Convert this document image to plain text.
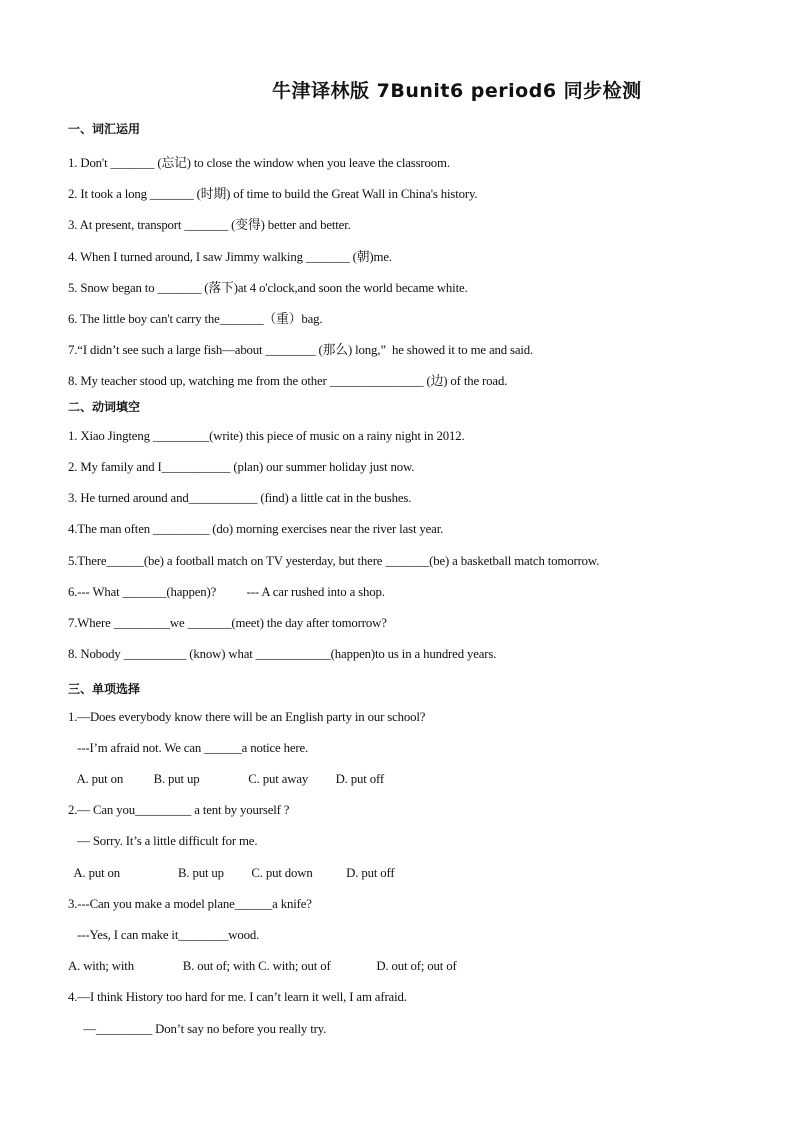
牛津译林版 7Bunit6 period6 同步检测
一、词汇运用
1. Don't _______ (忘记) to close the window when you leave the classroom.
2. It took a long _______ (时期) of time to build the Great Wall in China's history.
3. At present, transport _______ (变得) better and better.
4. When I turned around, I saw Jimmy walking _______ (朝)me.
5. Snow began to _______ (落下)at 4 o'clock,and soon the world became white.
6. The little boy can't carry the_______（重）bag.
7.“I didn’t see such a large fish—about ________ (那么) long,”  he showed it to me and said.
8. My teacher stood up, watching me from the other _______________ (边) of the road.
二、动词填空
1. Xiao Jingteng _________(write) this piece of music on a rainy night in 2012.
2. My family and I___________ (plan) our summer holiday just now.
3. He turned around and___________ (find) a little cat in the bushes.
4.The man often _________ (do) morning exercises near the river last year.
5.There______(be) a football match on TV yesterday, but there _______(be) a basketball match tomorrow.
6.--- What _______(happen)?          --- A car rushed into a shop.
7.Where _________we _______(meet) the day after tomorrow?
8. Nobody __________ (know) what ____________(happen)to us in a hundred years.
三、单项选择
1.—Does everybody know there will be an English party in our school?
---I’m afraid not. We can ______a notice here.
A. put on          B. put up                C. put away         D. put off
2.— Can you_________ a tent by yourself ?
— Sorry. It’s a little difficult for me.
A. put on                   B. put up         C. put down           D. put off
3.---Can you make a model plane______a knife?
---Yes, I can make it________wood.
A. with; with                B. out of; with C. with; out of               D. out of; out of
4.—I think History too hard for me. I can’t learn it well, I am afraid.
—_________ Don’t say no before you really try.
